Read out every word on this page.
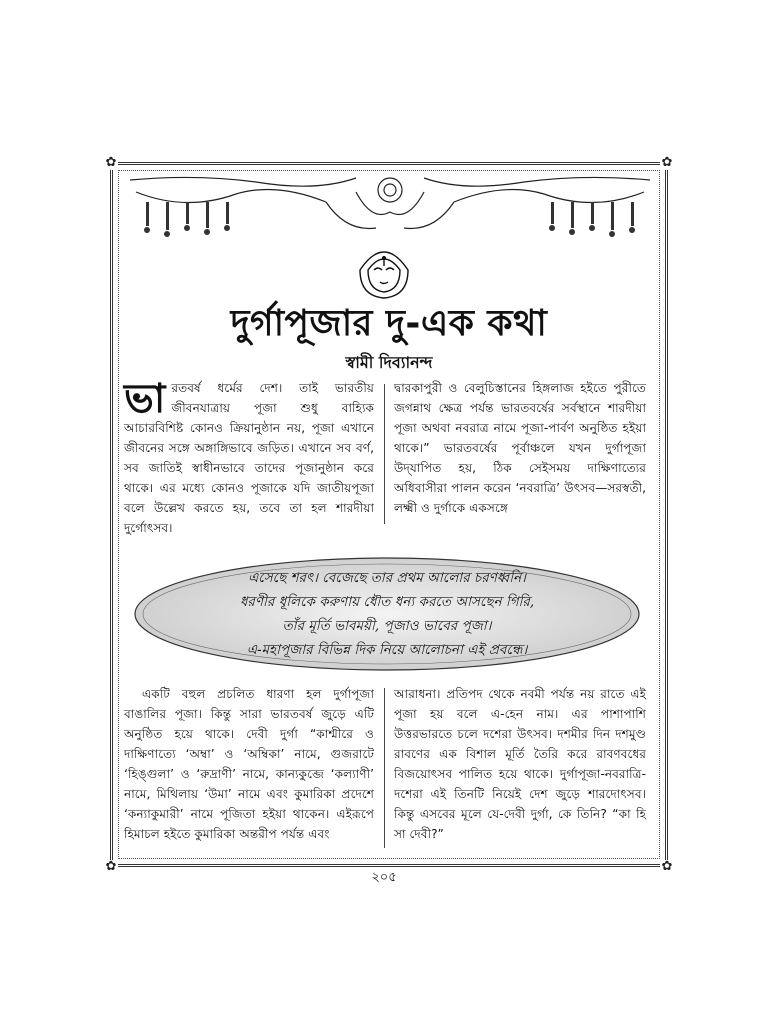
✿	✿
✿	✿
দুর্গাপূজার দু-এক কথা
স্বামী দিব্যানন্দ
ভারতবর্ষ ধর্মের দেশ। তাই ভারতীয় জীবনযাত্রায় পূজা শুধু বাহ্যিক আচারবিশিষ্ট কোনও ক্রিয়ানুষ্ঠান নয়, পূজা এখানে জীবনের সঙ্গে অঙ্গাঙ্গিভাবে জড়িত। এখানে সব বর্ণ, সব জাতিই স্বাধীনভাবে তাদের পূজানুষ্ঠান করে থাকে। এর মধ্যে কোনও পূজাকে যদি জাতীয়পূজা বলে উল্লেখ করতে হয়, তবে তা হল শারদীয়া দুর্গোৎসব।
দ্বারকাপুরী ও বেলুচিস্তানের হিঙ্গলাজ হইতে পুরীতে জগন্নাথ ক্ষেত্র পর্যন্ত ভারতবর্ষের সর্বস্থানে শারদীয়া পূজা অথবা নবরাত্র নামে পূজা-পার্বণ অনুষ্ঠিত হইয়া থাকে।” ভারতবর্ষের পূর্বাঞ্চলে যখন দুর্গাপূজা উদ্‌যাপিত হয়, ঠিক সেইসময় দাক্ষিণাত্যের অধিবাসীরা পালন করেন ‘নবরাত্রি’ উৎসব—সরস্বতী, লক্ষ্মী ও দুর্গাকে একসঙ্গে
এসেছে শরৎ। বেজেছে তার প্রথম আলোর চরণধ্বনি।
ধরণীর ধূলিকে করুণায় ধৌত ধন্য করতে আসছেন গিরি,
তাঁর মূর্তি ভাবময়ী, পূজাও ভাবের পূজা।
এ-মহাপূজার বিভিন্ন দিক নিয়ে আলোচনা এই প্রবন্ধে।
একটি বহুল প্রচলিত ধারণা হল দুর্গাপূজা বাঙালির পূজা। কিন্তু সারা ভারতবর্ষ জুড়ে এটি অনুষ্ঠিত হয়ে থাকে। দেবী দুর্গা “কাশ্মীরে ও দাক্ষিণাত্যে ‘অম্বা’ ও ‘অম্বিকা’ নামে, গুজরাটে ‘হিঙ্গুলা’ ও ‘রুদ্রাণী’ নামে, কান্যকুব্জে ‘কল্যাণী’ নামে, মিথিলায় ‘উমা’ নামে এবং কুমারিকা প্রদেশে ‘কন্যাকুমারী’ নামে পূজিতা হইয়া থাকেন। এইরূপে হিমাচল হইতে কুমারিকা অন্তরীপ পর্যন্ত এবং
আরাধনা। প্রতিপদ থেকে নবমী পর্যন্ত নয় রাতে এই পূজা হয় বলে এ-হেন নাম। এর পাশাপাশি উত্তরভারতে চলে দশেরা উৎসব। দশমীর দিন দশমুণ্ড রাবণের এক বিশাল মূর্তি তৈরি করে রাবণবধের বিজয়োৎসব পালিত হয়ে থাকে। দুর্গাপূজা-নবরাত্রি-দশেরা এই তিনটি নিয়েই দেশ জুড়ে শারদোৎসব। কিন্তু এসবের মূলে যে-দেবী দুর্গা, কে তিনি? “কা হি সা দেবী?”
২০৫
